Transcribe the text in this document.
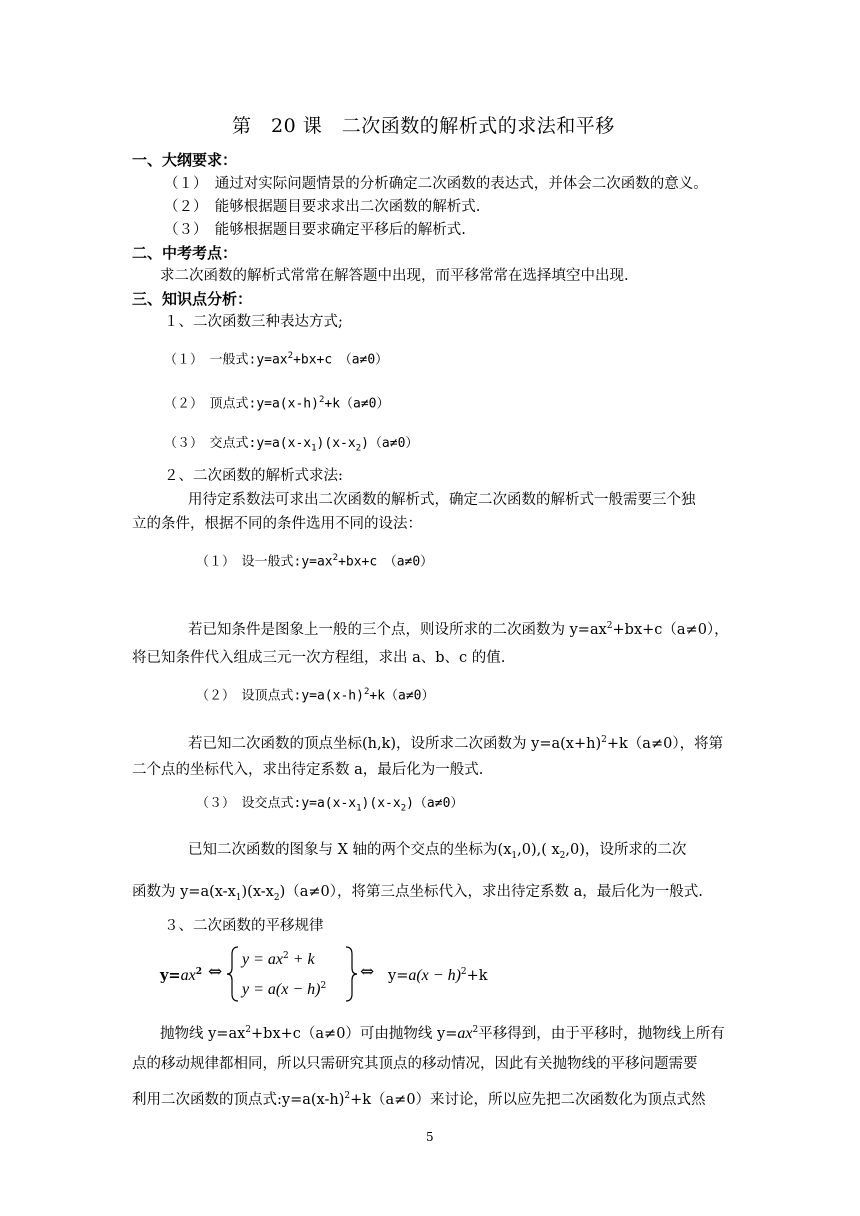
第　20 课　二次函数的解析式的求法和平移
一、大纲要求：
（１）　通过对实际问题情景的分析确定二次函数的表达式，并体会二次函数的意义。
（２）　能够根据题目要求求出二次函数的解析式.
（３）　能够根据题目要求确定平移后的解析式.
二、中考考点：
求二次函数的解析式常常在解答题中出现，而平移常常在选择填空中出现.
三、知识点分析：
１、二次函数三种表达方式;
（１）　一般式$:y=ax^2+bx+c$　（a≠0）
（２）　顶点式$:y=a(x-h)^2+k(a\ne 0)$
（３）　交点式$:y=a(x-x_1)(x-x_2)(a\ne 0)$
２、二次函数的解析式求法:
用待定系数法可求出二次函数的解析式，确定二次函数的解析式一般需要三个独
立的条件，根据不同的条件选用不同的设法：
（１）　设一般式$:y=ax^2+bx+c$　（a≠0）
若已知条件是图象上一般的三个点，则设所求的二次函数为 $y=ax^2+bx+c(a\ne 0)$，
将已知条件代入组成三元一次方程组，求出 a、b、c 的值.
（２）　设顶点式$:y=a(x-h)^2+k(a\ne 0)$
若已知二次函数的顶点坐标(h,k)，设所求二次函数为 $y=a(x+h)^2+k(a\ne 0)$，将第
二个点的坐标代入，求出待定系数 a，最后化为一般式.
（３）　设交点式$:y=a(x-x_1)(x-x_2)(a\ne 0)$
已知二次函数的图象与 X 轴的两个交点的坐标为$(x_1,0)$,( $x_2,0$)，设所求的二次
函数为 $y=a(x-x_1)(x-x_2)(a\ne 0)$，将第三点坐标代入，求出待定系数 a，最后化为一般式.
３、二次函数的平移规律
$y=ax^2$ ⇔
$y = ax^2 + k$
$y = a(x - h)^2$
⇔ $y=a(x - h)^2+k$
抛物线 $y=ax^2+bx+c(a\ne 0)$可由抛物线 $y=ax^2$平移得到，由于平移时，抛物线上所有
点的移动规律都相同，所以只需研究其顶点的移动情况，因此有关抛物线的平移问题需要
利用二次函数的顶点式$:y=a(x-h)^2+k(a\ne 0)$来讨论，所以应先把二次函数化为顶点式然
5
